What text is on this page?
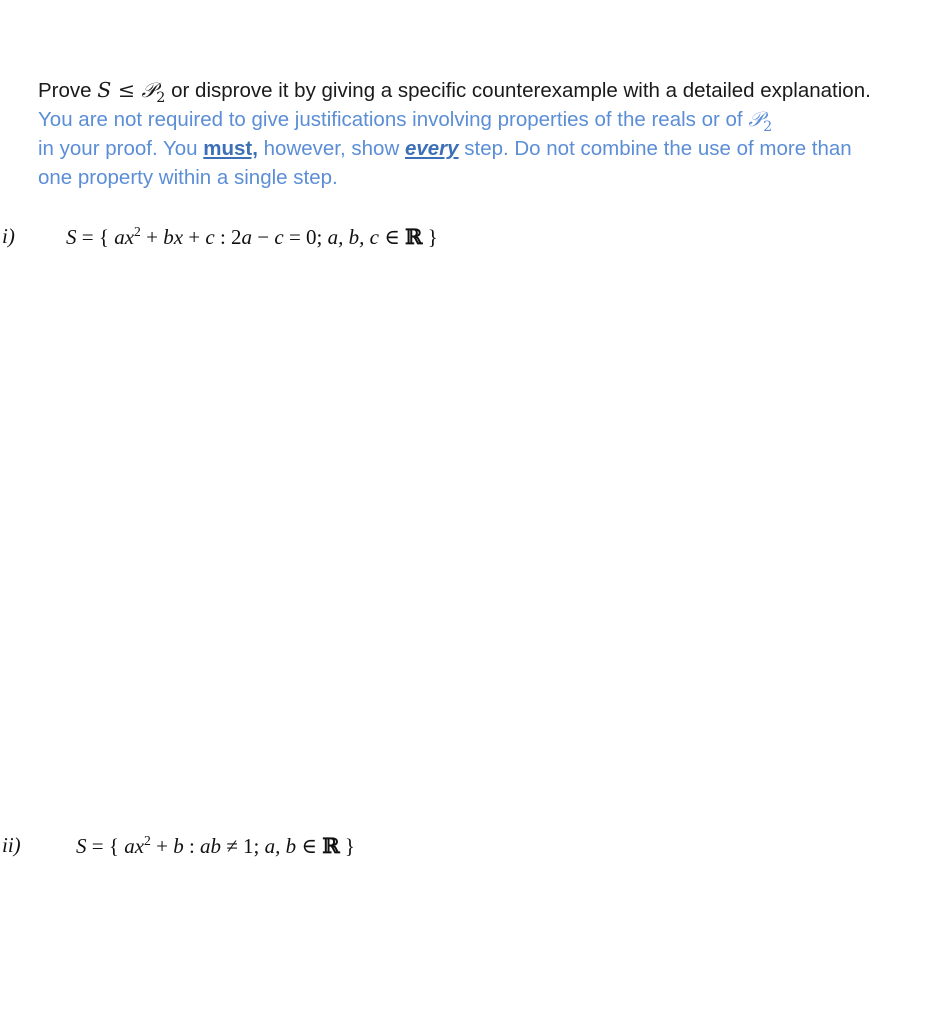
Prove S ≤ 𝒫$_2$ or disprove it by giving a specific counterexample with a detailed explanation.
You are not required to give justifications involving properties of the reals or of 𝒫$_2$
in your proof. You must, however, show every step. Do not combine the use of more than
one property within a single step.
i) S = { $ax^2$ + bx + c : 2a − c = 0; a, b, c ∈ ℝ }
ii)	S = { $ax^2 + b$ : ab ≠ 1; a, b ∈ ℝ }
